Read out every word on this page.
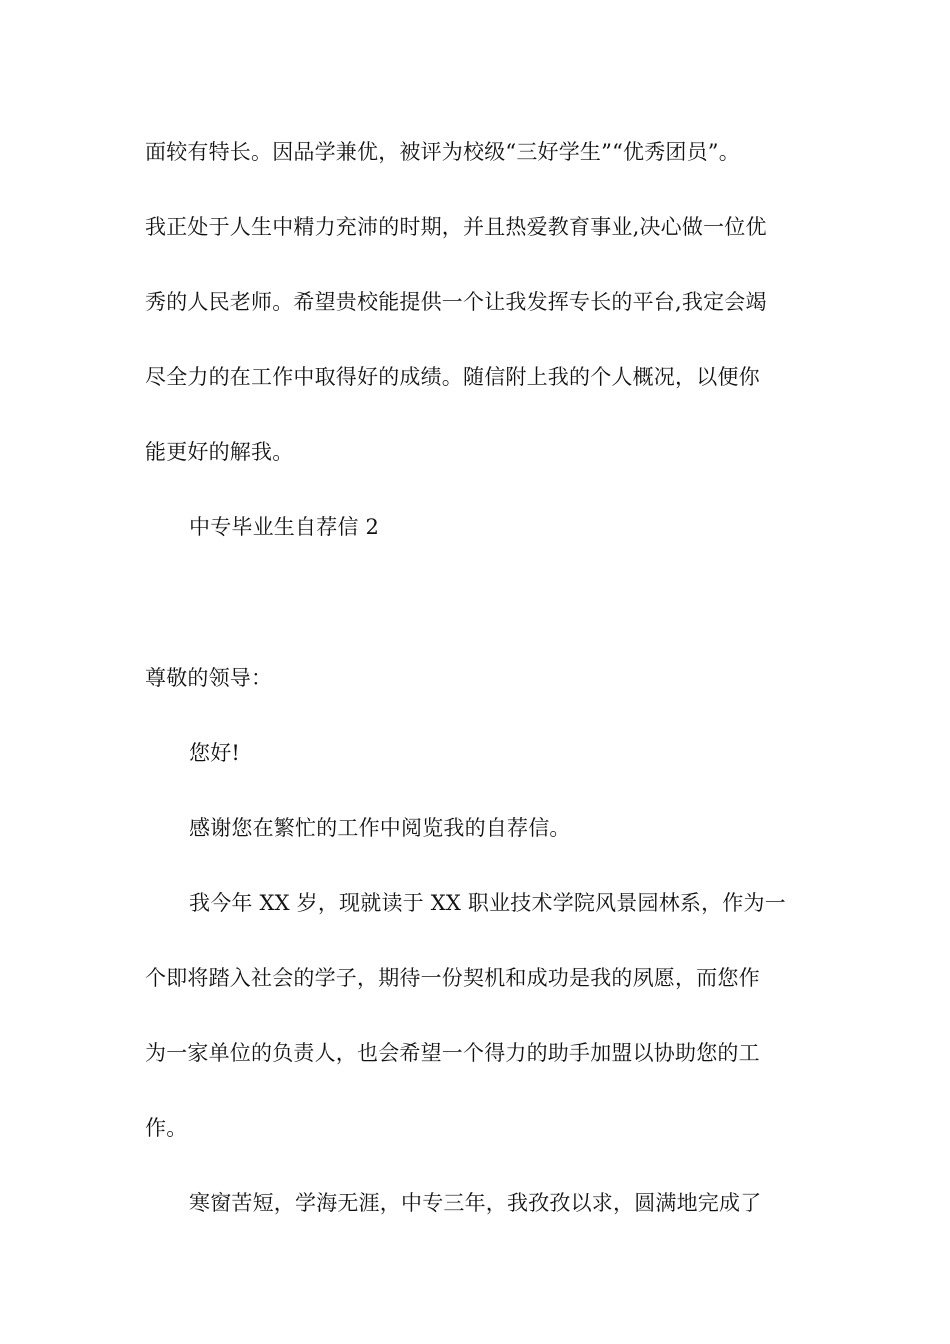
面较有特长。因品学兼优，被评为校级“三好学生”“优秀团员”。
我正处于人生中精力充沛的时期，并且热爱教育事业,决心做一位优
秀的人民老师。希望贵校能提供一个让我发挥专长的平台,我定会竭
尽全力的在工作中取得好的成绩。随信附上我的个人概况，以便你
能更好的解我。
中专毕业生自荐信 2
尊敬的领导：
您好!
感谢您在繁忙的工作中阅览我的自荐信。
我今年 XX 岁，现就读于 XX 职业技术学院风景园林系，作为一
个即将踏入社会的学子，期待一份契机和成功是我的夙愿，而您作
为一家单位的负责人，也会希望一个得力的助手加盟以协助您的工
作。
寒窗苦短，学海无涯，中专三年，我孜孜以求，圆满地完成了
